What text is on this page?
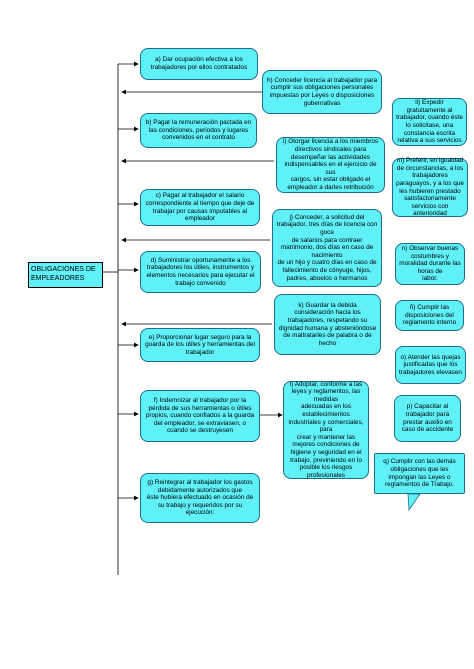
OBLIGACIONES DE EMPLEADORES
a) Dar ocupación efectiva a los trabajadores por ellos contratados
b) Pagar la remuneración pactada en las condiciones, periodos y lugares convenidos en el contrato
c) Pagar al trabajador el salario correspondiente al tiempo que deje de trabajar por causas imputables al empleador
d) Suministrar oportunamente a los trabajadores los útiles, instrumentos y elementos necesarios para ejecutar el trabajo convenido
e) Proporcionar lugar seguro para la guarda de los útiles y herramientas del trabajador
f) Indemnizar al trabajador por la pérdida de sus herramientas o útiles propios, cuando confiados a la guarda del empleador, se extraviasen, o cuando se destruyesen
g) Reintegrar al trabajador los gastos debidamente autorizados que
éste hubiera efectuado en ocasión de su trabajo y requeridos por su ejecución:
h) Conceder licencia al trabajador para cumplir sus obligaciones personales impuestas por Leyes o disposiciones gubernativas
i) Otorgar licencia a los miembros directivos sindicales para desempeñar las actividades indispensables en el ejercicio de sus
cargos, sin estar obligado el empleador a darles retribución
j) Conceder, a solicitud del trabajador, tres días de licencia con goce
de salarios para contraer matrimonio, dos días en caso de nacimiento
de un hijo y cuatro días en caso de fallecimiento de cónyuge, hijos, padres, abuelos o hermanos
k) Guardar la debida consideración hacia los trabajadores, respetando su dignidad humana y abstenióndose de maltratarles de palabra o de
hecho
l) Adoptar, conforme a las leyes y reglamentos, las medidas
adecuadas en los establecimientos industriales y comerciales, para
crear y mantener las mejores condiciones de higiene y seguridad en el trabajo, previniendo en lo posible los riesgos profesionales
ll) Expedir gratuitamente al trabajador, cuando éste lo solicitase, una constancia escrita relativa a sus servicios
m) Preferir, en igualdad de circunstancias, a los trabajadores paraguayos, y a los que les hubieren prestado satisfactoriamente servicios con anterioridad
n) Observar buenas costumbres y moralidad durante las horas de
labor.
ñ) Cumplir las disposiciones del reglamento interno
o) Atender las quejas justificadas que los trabajadores elevasen
p) Capacitar al trabajador para prestar auxilio en caso de accidente
q) Cumplir con las demás obligaciones que les impongan las Leyes o reglamentos de Trabajo.
